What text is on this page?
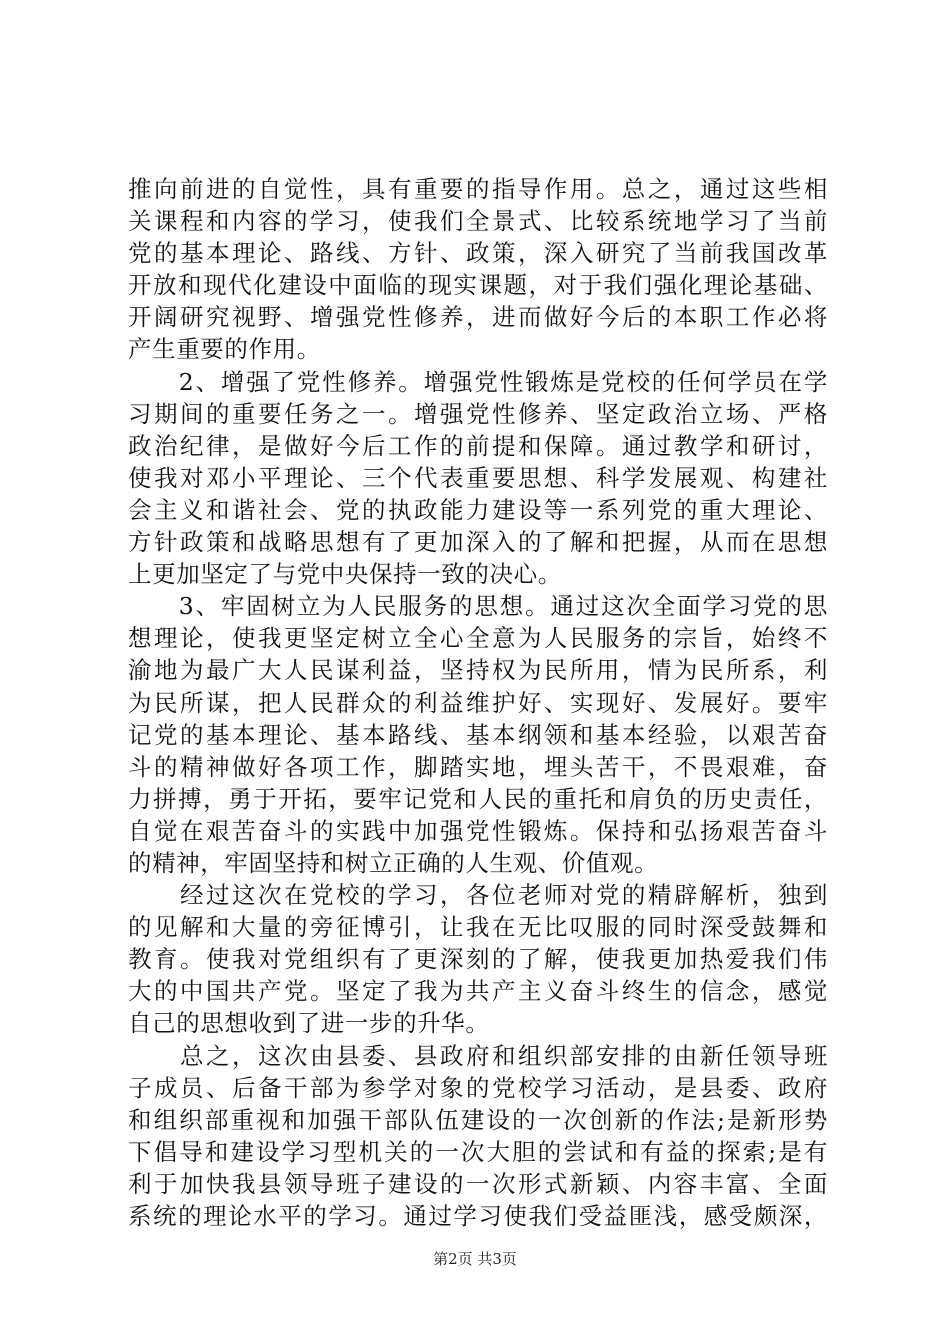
推向前进的自觉性，具有重要的指导作用。总之，通过这些相
关课程和内容的学习，使我们全景式、比较系统地学习了当前
党的基本理论、路线、方针、政策，深入研究了当前我国改革
开放和现代化建设中面临的现实课题，对于我们强化理论基础、
开阔研究视野、增强党性修养，进而做好今后的本职工作必将
产生重要的作用。
　　2、增强了党性修养。增强党性锻炼是党校的任何学员在学
习期间的重要任务之一。增强党性修养、坚定政治立场、严格
政治纪律，是做好今后工作的前提和保障。通过教学和研讨，
使我对邓小平理论、三个代表重要思想、科学发展观、构建社
会主义和谐社会、党的执政能力建设等一系列党的重大理论、
方针政策和战略思想有了更加深入的了解和把握，从而在思想
上更加坚定了与党中央保持一致的决心。
　　3、牢固树立为人民服务的思想。通过这次全面学习党的思
想理论，使我更坚定树立全心全意为人民服务的宗旨，始终不
渝地为最广大人民谋利益，坚持权为民所用，情为民所系，利
为民所谋，把人民群众的利益维护好、实现好、发展好。要牢
记党的基本理论、基本路线、基本纲领和基本经验，以艰苦奋
斗的精神做好各项工作，脚踏实地，埋头苦干，不畏艰难，奋
力拼搏，勇于开拓，要牢记党和人民的重托和肩负的历史责任，
自觉在艰苦奋斗的实践中加强党性锻炼。保持和弘扬艰苦奋斗
的精神，牢固坚持和树立正确的人生观、价值观。
　　经过这次在党校的学习，各位老师对党的精辟解析，独到
的见解和大量的旁征博引，让我在无比叹服的同时深受鼓舞和
教育。使我对党组织有了更深刻的了解，使我更加热爱我们伟
大的中国共产党。坚定了我为共产主义奋斗终生的信念，感觉
自己的思想收到了进一步的升华。
　　总之，这次由县委、县政府和组织部安排的由新任领导班
子成员、后备干部为参学对象的党校学习活动，是县委、政府
和组织部重视和加强干部队伍建设的一次创新的作法;是新形势
下倡导和建设学习型机关的一次大胆的尝试和有益的探索;是有
利于加快我县领导班子建设的一次形式新颖、内容丰富、全面
系统的理论水平的学习。通过学习使我们受益匪浅，感受颇深，
第2页 共3页
